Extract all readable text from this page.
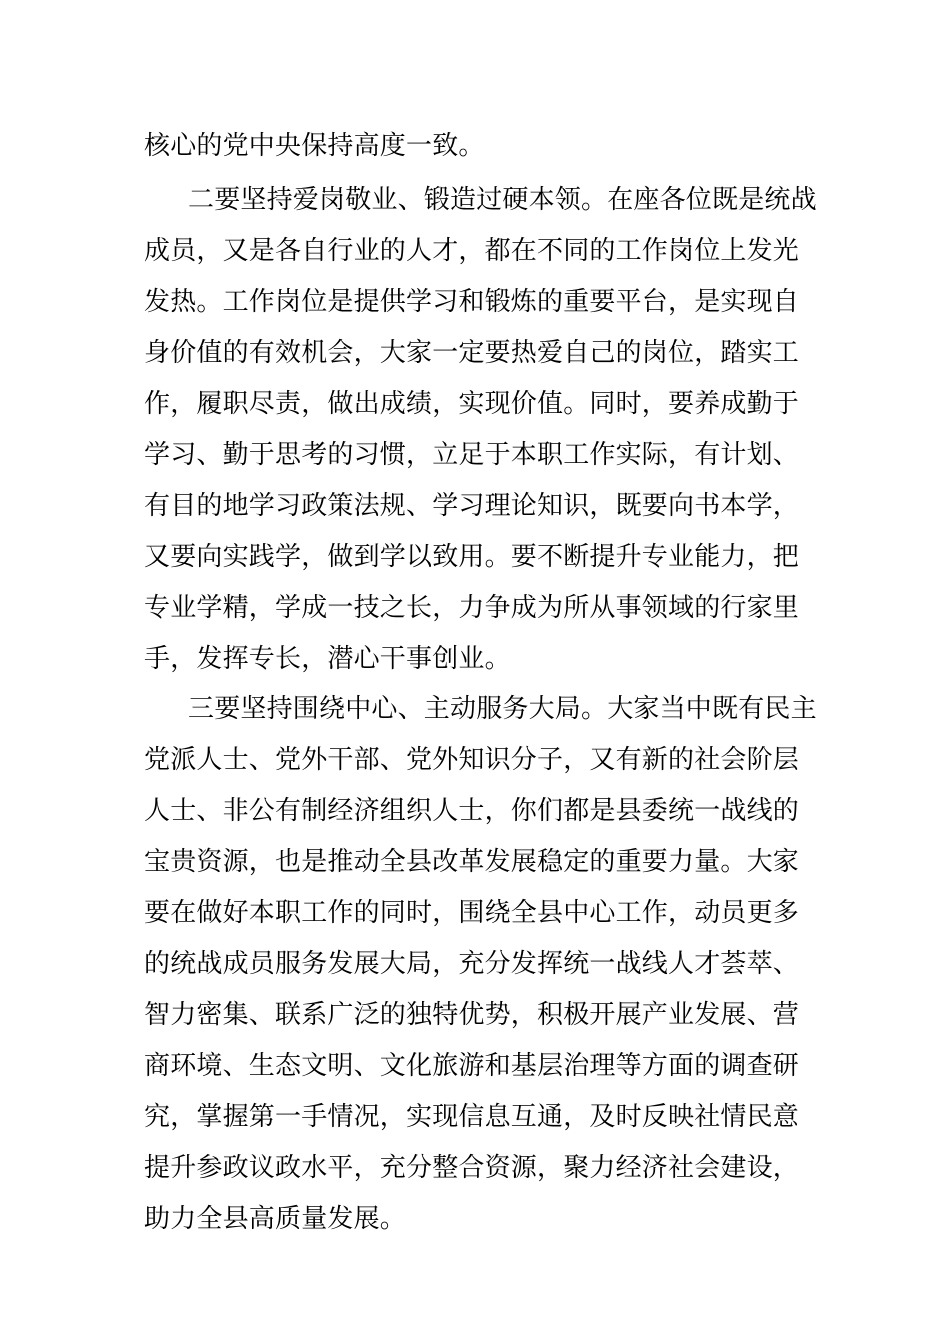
核心的党中央保持高度一致。
二要坚持爱岗敬业、锻造过硬本领。在座各位既是统战
成员，又是各自行业的人才，都在不同的工作岗位上发光
发热。工作岗位是提供学习和锻炼的重要平台，是实现自
身价值的有效机会，大家一定要热爱自己的岗位，踏实工
作，履职尽责，做出成绩，实现价值。同时，要养成勤于
学习、勤于思考的习惯，立足于本职工作实际，有计划、
有目的地学习政策法规、学习理论知识，既要向书本学，
又要向实践学，做到学以致用。要不断提升专业能力，把
专业学精，学成一技之长，力争成为所从事领域的行家里
手，发挥专长，潜心干事创业。
三要坚持围绕中心、主动服务大局。大家当中既有民主
党派人士、党外干部、党外知识分子，又有新的社会阶层
人士、非公有制经济组织人士，你们都是县委统一战线的
宝贵资源，也是推动全县改革发展稳定的重要力量。大家
要在做好本职工作的同时，围绕全县中心工作，动员更多
的统战成员服务发展大局，充分发挥统一战线人才荟萃、
智力密集、联系广泛的独特优势，积极开展产业发展、营
商环境、生态文明、文化旅游和基层治理等方面的调查研
究，掌握第一手情况，实现信息互通，及时反映社情民意
提升参政议政水平，充分整合资源，聚力经济社会建设，
助力全县高质量发展。
